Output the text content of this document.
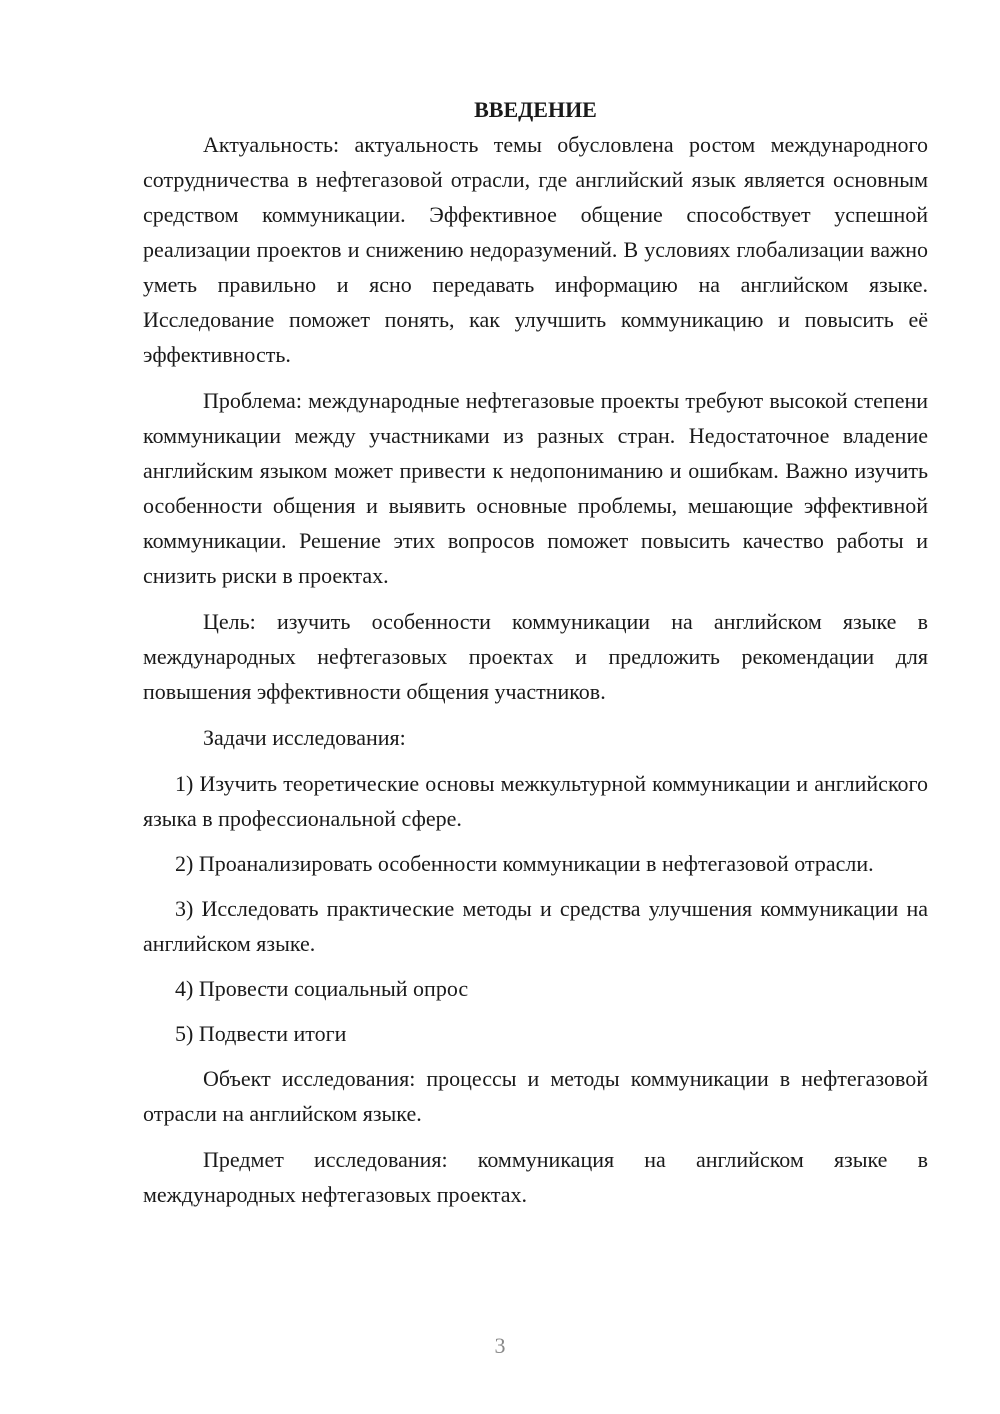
ВВЕДЕНИЕ

Актуальность: актуальность темы обусловлена ростом международного сотрудничества в нефтегазовой отрасли, где английский язык является основным средством коммуникации. Эффективное общение способствует успешной реализации проектов и снижению недоразумений. В условиях глобализации важно уметь правильно и ясно передавать информацию на английском языке. Исследование поможет понять, как улучшить коммуникацию и повысить её эффективность.

Проблема: международные нефтегазовые проекты требуют высокой степени коммуникации между участниками из разных стран. Недостаточное владение английским языком может привести к недопониманию и ошибкам. Важно изучить особенности общения и выявить основные проблемы, мешающие эффективной коммуникации. Решение этих вопросов поможет повысить качество работы и снизить риски в проектах.

Цель: изучить особенности коммуникации на английском языке в международных нефтегазовых проектах и предложить рекомендации для повышения эффективности общения участников.

Задачи исследования:

1) Изучить теоретические основы межкультурной коммуникации и английского языка в профессиональной сфере.

2) Проанализировать особенности коммуникации в нефтегазовой отрасли.

3) Исследовать практические методы и средства улучшения коммуникации на английском языке.

4) Провести социальный опрос

5) Подвести итоги

Объект исследования: процессы и методы коммуникации в нефтегазовой отрасли на английском языке.

Предмет исследования: коммуникация на английском языке в международных нефтегазовых проектах.

3
